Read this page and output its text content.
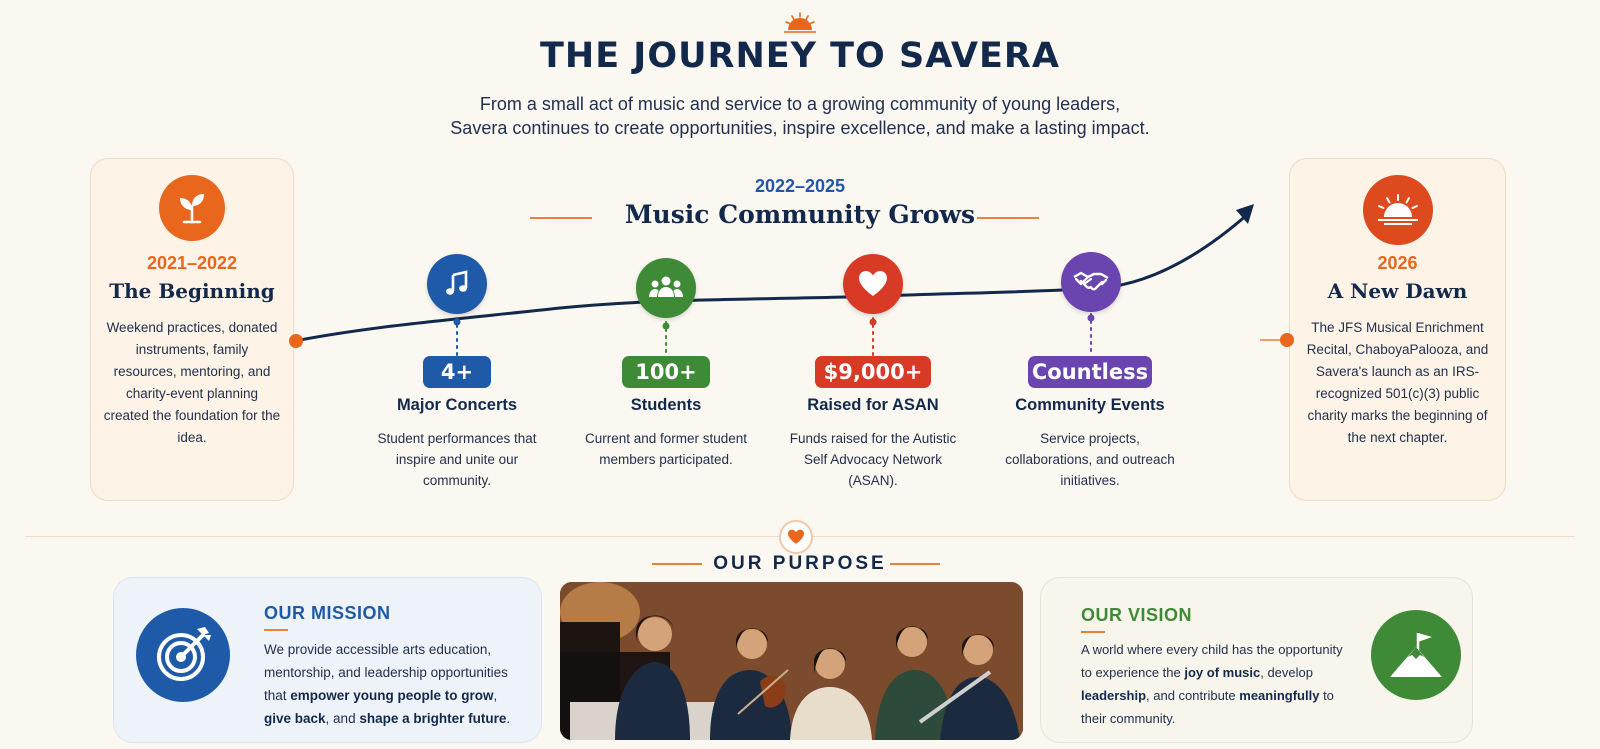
THE JOURNEY TO SAVERA
From a small act of music and service to a growing community of young leaders,
Savera continues to create opportunities, inspire excellence, and make a lasting impact.
2021–2022
The Beginning
Weekend practices, donated instruments, family resources, mentoring, and charity-event planning created the foundation for the idea.
2026
A New Dawn
The JFS Musical Enrichment Recital, ChaboyaPalooza, and Savera's launch as an IRS-recognized 501(c)(3) public charity marks the beginning of the next chapter.
2022–2025
Music Community Grows
4+
Major Concerts
Student performances that inspire and unite our community.
100+
Students
Current and former student members participated.
$9,000+
Raised for ASAN
Funds raised for the Autistic Self Advocacy Network (ASAN).
Countless
Community Events
Service projects, collaborations, and outreach initiatives.
OUR PURPOSE
OUR MISSION
We provide accessible arts education, mentorship, and leadership opportunities that empower young people to grow, give back, and shape a brighter future.
OUR VISION
A world where every child has the opportunity to experience the joy of music, develop leadership, and contribute meaningfully to their community.
